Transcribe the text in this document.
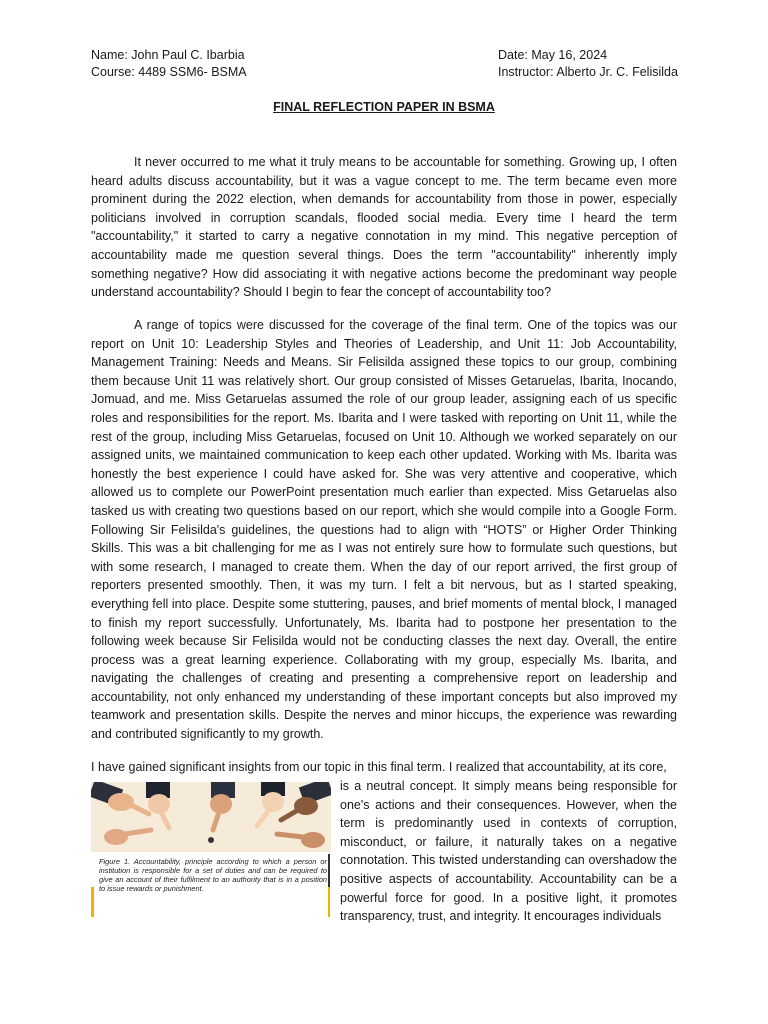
Name: John Paul C. Ibarbia
Course: 4489 SSM6- BSMA
Date: May 16, 2024
Instructor: Alberto Jr. C. Felisilda
FINAL REFLECTION PAPER IN BSMA

It never occurred to me what it truly means to be accountable for something. Growing up, I often heard adults discuss accountability, but it was a vague concept to me. The term became even more prominent during the 2022 election, when demands for accountability from those in power, especially politicians involved in corruption scandals, flooded social media. Every time I heard the term "accountability," it started to carry a negative connotation in my mind. This negative perception of accountability made me question several things. Does the term "accountability" inherently imply something negative? How did associating it with negative actions become the predominant way people understand accountability? Should I begin to fear the concept of accountability too?

A range of topics were discussed for the coverage of the final term. One of the topics was our report on Unit 10: Leadership Styles and Theories of Leadership, and Unit 11: Job Accountability, Management Training: Needs and Means. Sir Felisilda assigned these topics to our group, combining them because Unit 11 was relatively short. Our group consisted of Misses Getaruelas, Ibarita, Inocando, Jomuad, and me. Miss Getaruelas assumed the role of our group leader, assigning each of us specific roles and responsibilities for the report. Ms. Ibarita and I were tasked with reporting on Unit 11, while the rest of the group, including Miss Getaruelas, focused on Unit 10. Although we worked separately on our assigned units, we maintained communication to keep each other updated. Working with Ms. Ibarita was honestly the best experience I could have asked for. She was very attentive and cooperative, which allowed us to complete our PowerPoint presentation much earlier than expected. Miss Getaruelas also tasked us with creating two questions based on our report, which she would compile into a Google Form. Following Sir Felisilda's guidelines, the questions had to align with “HOTS” or Higher Order Thinking Skills. This was a bit challenging for me as I was not entirely sure how to formulate such questions, but with some research, I managed to create them. When the day of our report arrived, the first group of reporters presented smoothly. Then, it was my turn. I felt a bit nervous, but as I started speaking, everything fell into place. Despite some stuttering, pauses, and brief moments of mental block, I managed to finish my report successfully. Unfortunately, Ms. Ibarita had to postpone her presentation to the following week because Sir Felisilda would not be conducting classes the next day. Overall, the entire process was a great learning experience. Collaborating with my group, especially Ms. Ibarita, and navigating the challenges of creating and presenting a comprehensive report on leadership and accountability, not only enhanced my understanding of these important concepts but also improved my teamwork and presentation skills. Despite the nerves and minor hiccups, the experience was rewarding and contributed significantly to my growth.

I have gained significant insights from our topic in this final term. I realized that accountability, at its core,
Figure 1. Accountability, principle according to which a person or institution is responsible for a set of duties and can be required to give an account of their fulfilment to an authority that is in a position to issue rewards or punishment.
is a neutral concept. It simply means being responsible for one's actions and their consequences. However, when the term is predominantly used in contexts of corruption, misconduct, or failure, it naturally takes on a negative connotation. This twisted understanding can overshadow the positive aspects of accountability. Accountability can be a powerful force for good. In a positive light, it promotes transparency, trust, and integrity. It encourages individuals
